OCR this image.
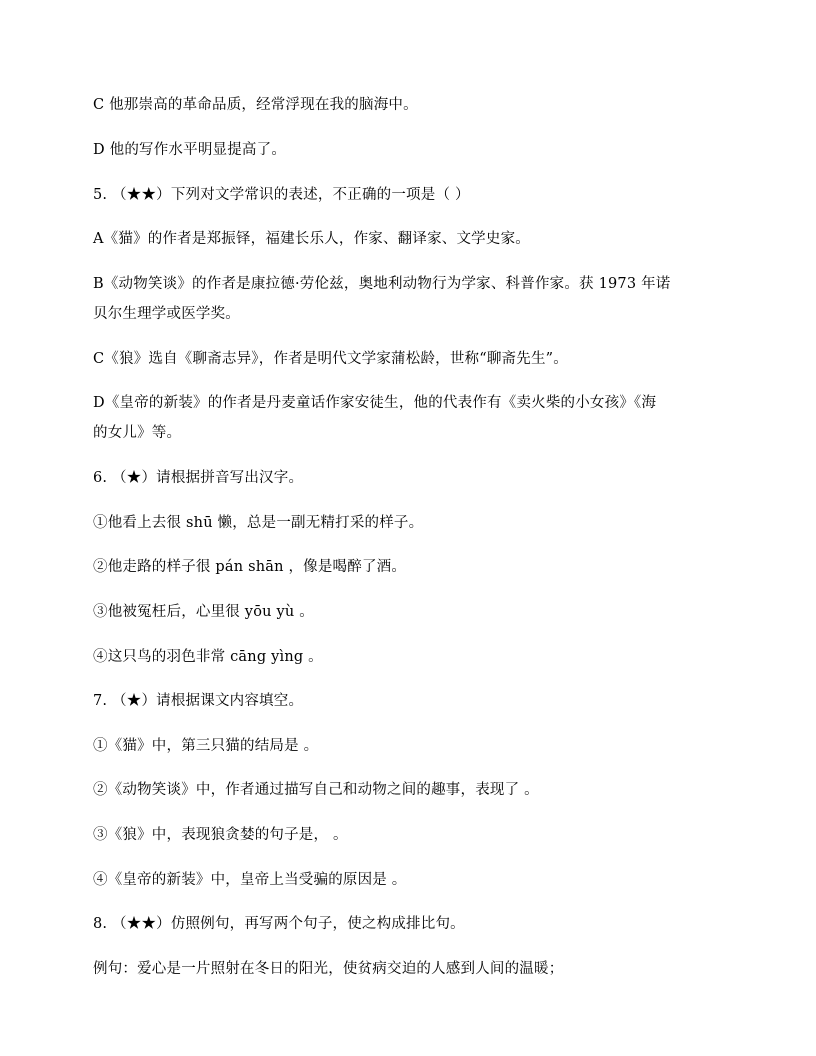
C 他那崇高的革命品质，经常浮现在我的脑海中。
D 他的写作水平明显提高了。
5. （★★）下列对文学常识的表述，不正确的一项是（ ）
A《猫》的作者是郑振铎，福建长乐人，作家、翻译家、文学史家。
B《动物笑谈》的作者是康拉德·劳伦兹，奥地利动物行为学家、科普作家。获 1973 年诺
贝尔生理学或医学奖。
C《狼》选自《聊斋志异》，作者是明代文学家蒲松龄，世称“聊斋先生”。
D《皇帝的新装》的作者是丹麦童话作家安徒生，他的代表作有《卖火柴的小女孩》《海
的女儿》等。
6. （★）请根据拼音写出汉字。
①他看上去很 shū 懒，总是一副无精打采的样子。
②他走路的样子很 pán shān ，像是喝醉了酒。
③他被冤枉后，心里很 yōu yù 。
④这只鸟的羽色非常 cāng yìng 。
7. （★）请根据课文内容填空。
①《猫》中，第三只猫的结局是 。
②《动物笑谈》中，作者通过描写自己和动物之间的趣事，表现了 。
③《狼》中，表现狼贪婪的句子是， 。
④《皇帝的新装》中，皇帝上当受骗的原因是 。
8. （★★）仿照例句，再写两个句子，使之构成排比句。
例句：爱心是一片照射在冬日的阳光，使贫病交迫的人感到人间的温暖；
